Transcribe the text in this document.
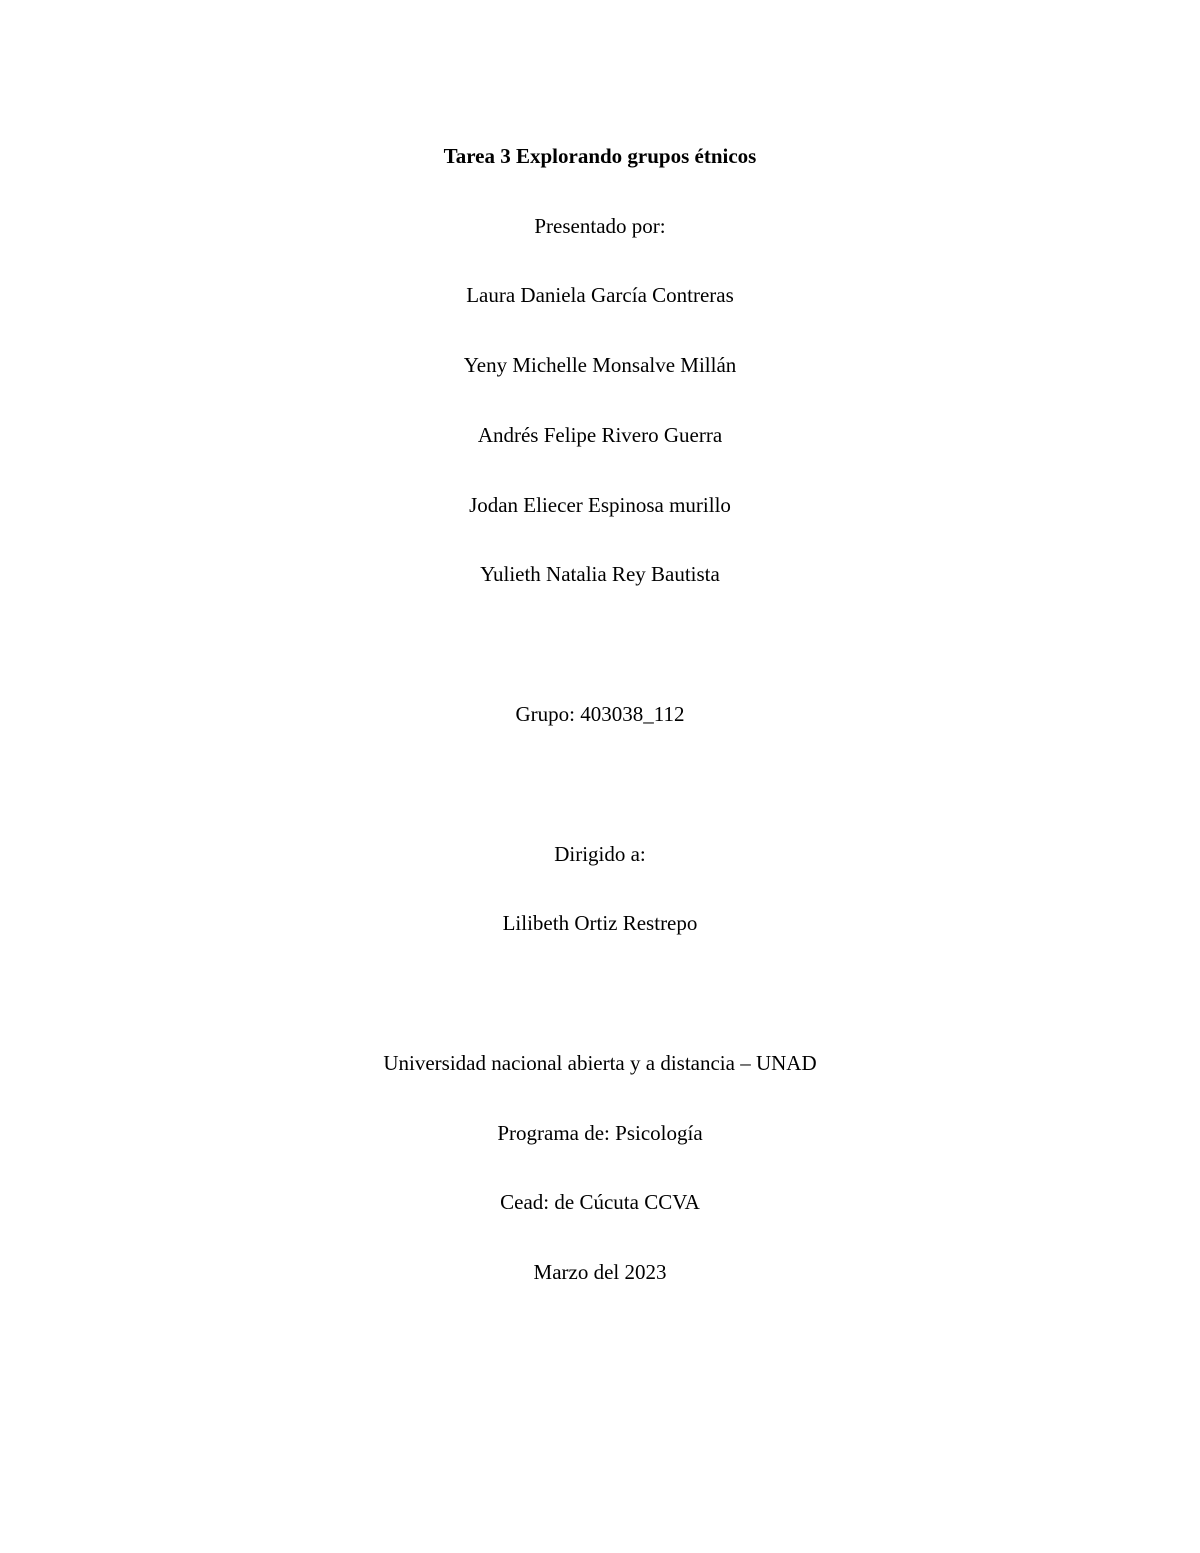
Tarea 3 Explorando grupos étnicos
Presentado por:
Laura Daniela García Contreras
Yeny Michelle Monsalve Millán
Andrés Felipe Rivero Guerra
Jodan Eliecer Espinosa murillo
Yulieth Natalia Rey Bautista
Grupo: 403038_112
Dirigido a:
Lilibeth Ortiz Restrepo
Universidad nacional abierta y a distancia – UNAD
Programa de: Psicología
Cead: de Cúcuta CCVA
Marzo del 2023
